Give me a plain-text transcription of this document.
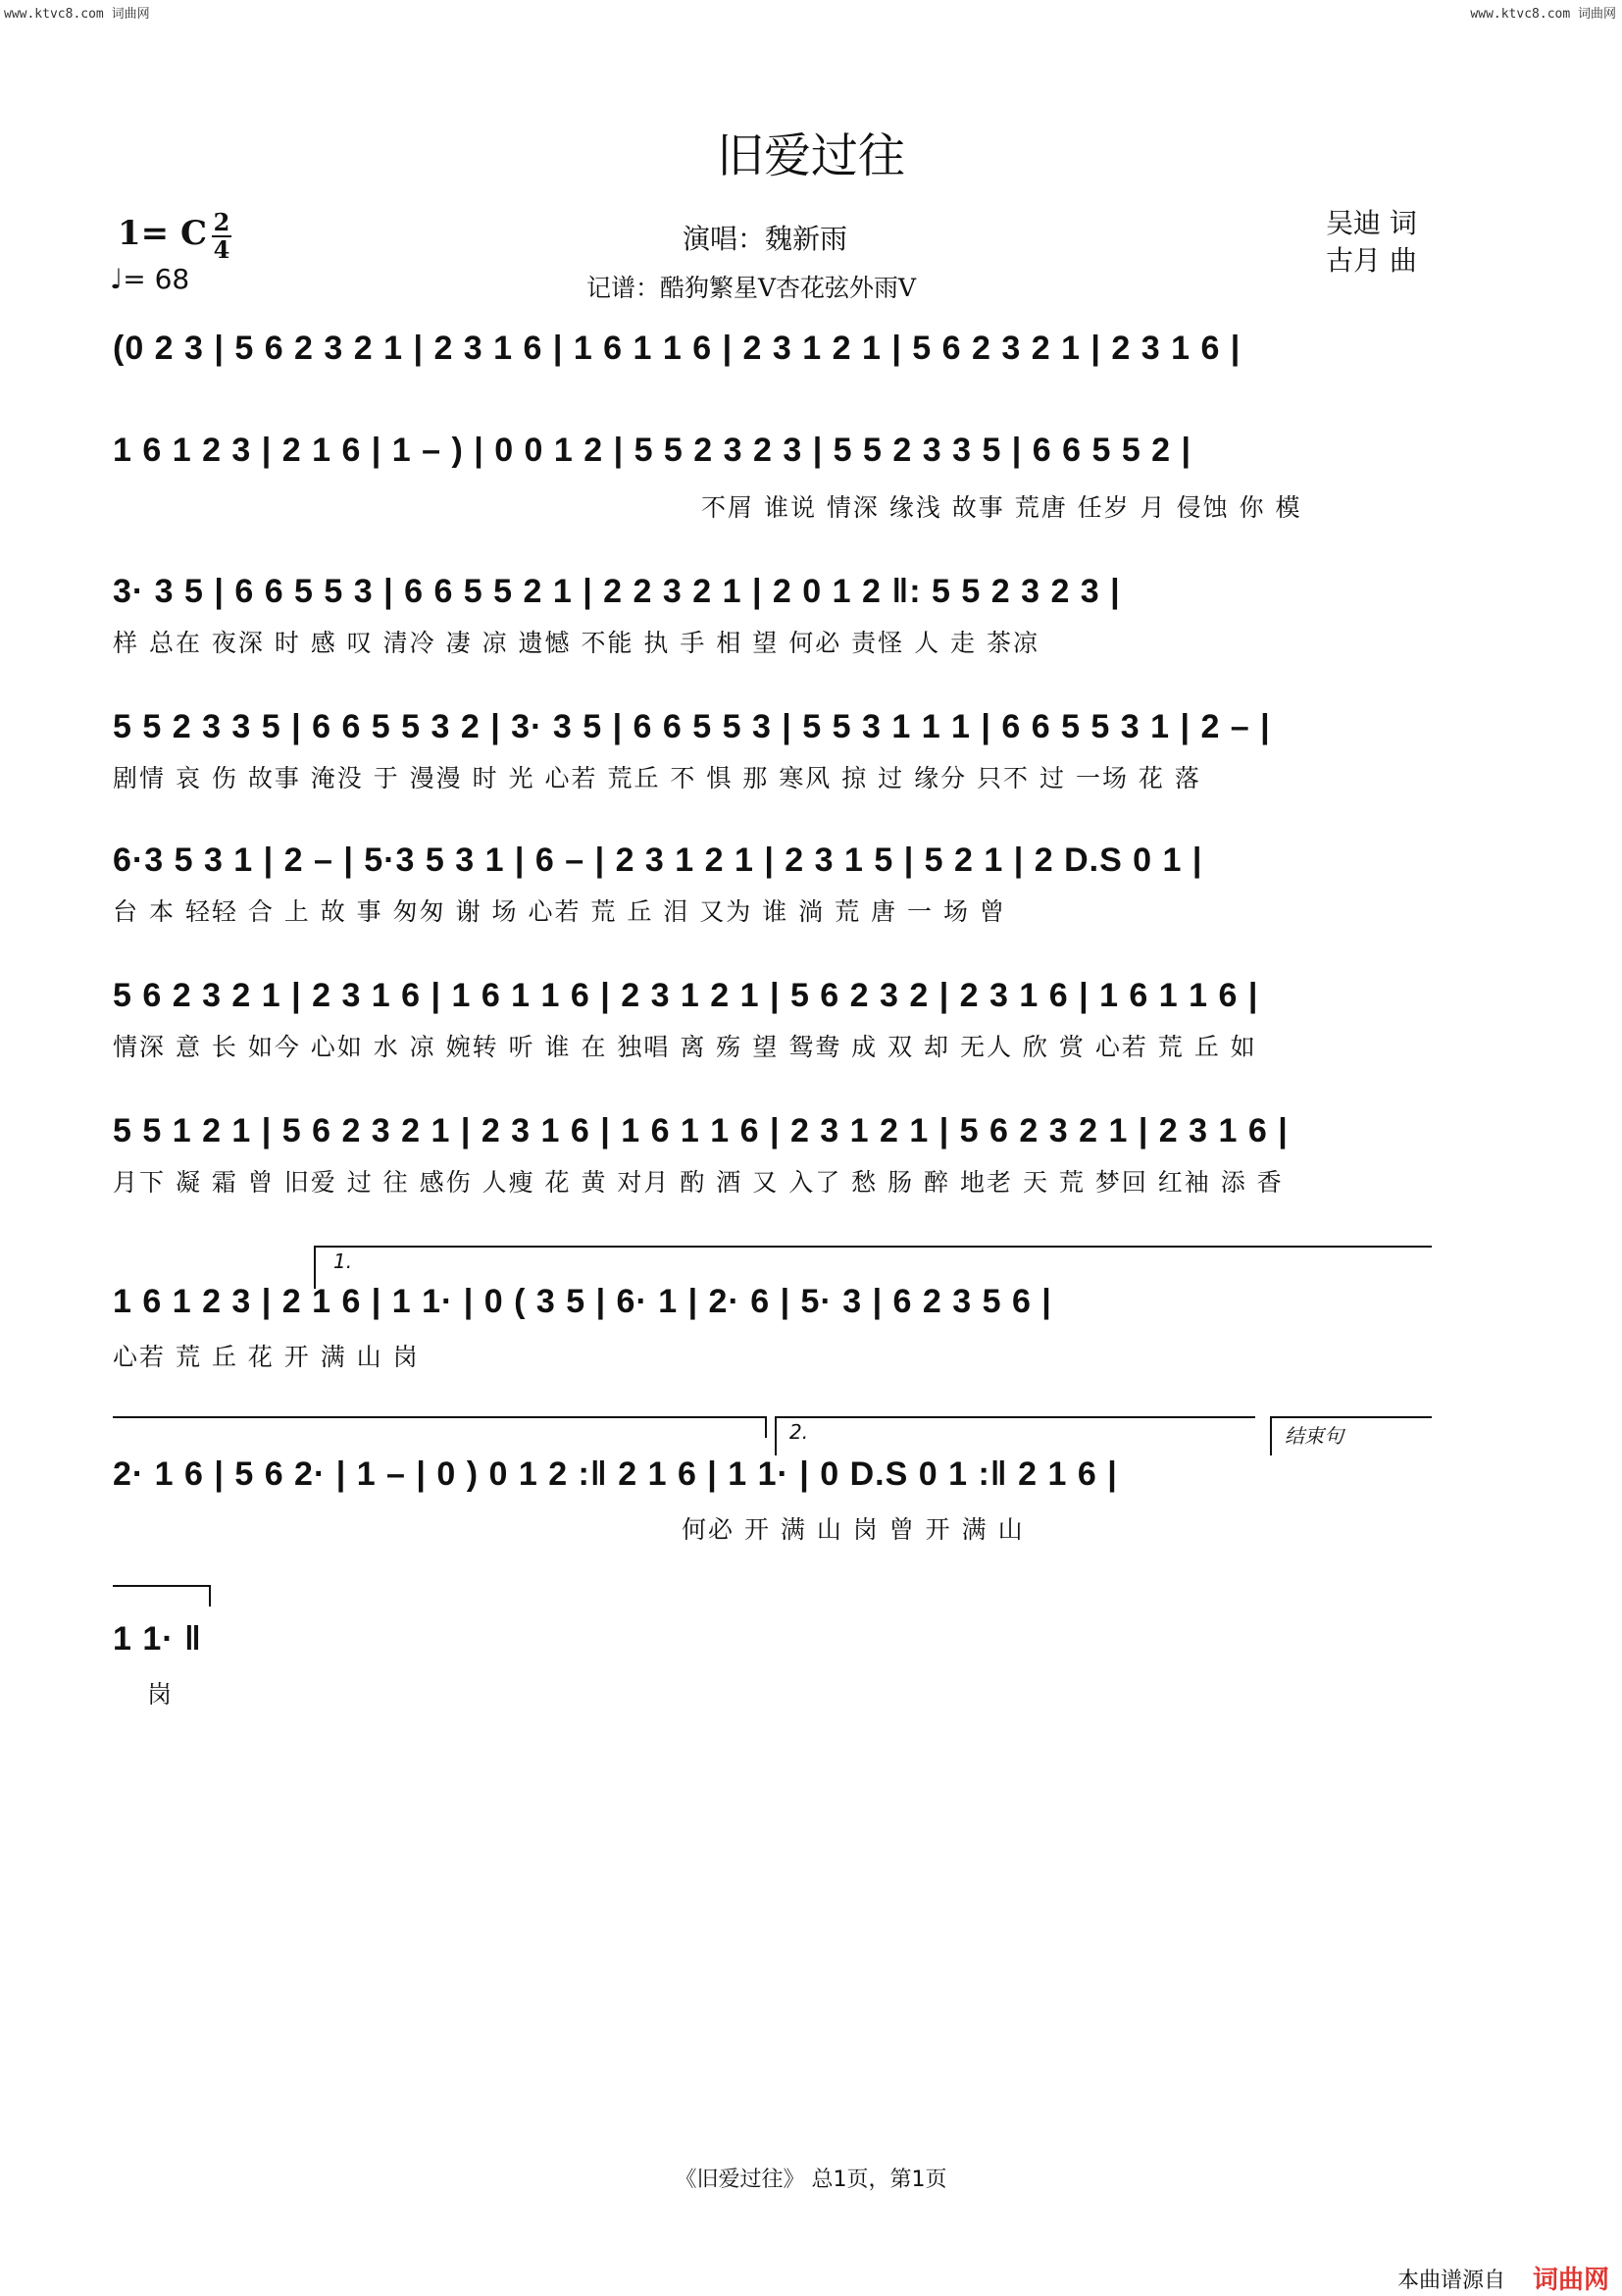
www.ktvc8.com 词曲网	www.ktvc8.com 词曲网
旧爱过往
1= C 2
4
♩= 68
演唱：魏新雨
记谱：酷狗繁星V杏花弦外雨V
吴迪 词
古月 曲
(0 2 3 | 5 6 2 3 2 1 | 2 3 1 6 | 1 6 1 1 6 | 2 3 1 2 1 | 5 6 2 3 2 1 | 2 3 1 6 |
1 6 1 2 3 | 2 1 6 | 1 – ) | 0 0 1 2 | 5 5 2 3 2 3 | 5 5 2 3 3 5 | 6 6 5 5 2 |
不屑 谁说 情深 缘浅 故事 荒唐 任岁 月 侵蚀 你 模
3· 3 5 | 6 6 5 5 3 | 6 6 5 5 2 1 | 2 2 3 2 1 | 2 0 1 2 ‖: 5 5 2 3 2 3 |
样 总在 夜深 时 感 叹 清冷 凄 凉 遗憾 不能 执 手 相 望 何必 责怪 人 走 茶凉
5 5 2 3 3 5 | 6 6 5 5 3 2 | 3· 3 5 | 6 6 5 5 3 | 5 5 3 1 1 1 | 6 6 5 5 3 1 | 2 – |
剧情 哀 伤 故事 淹没 于 漫漫 时 光 心若 荒丘 不 惧 那 寒风 掠 过 缘分 只不 过 一场 花 落
6·3 5 3 1 | 2 – | 5·3 5 3 1 | 6 – | 2 3 1 2 1 | 2 3 1 5 | 5 2 1 | 2 D.S 0 1 |
台 本 轻轻 合 上 故 事 匆匆 谢 场 心若 荒 丘 泪 又为 谁 淌 荒 唐 一 场 曾
5 6 2 3 2 1 | 2 3 1 6 | 1 6 1 1 6 | 2 3 1 2 1 | 5 6 2 3 2 | 2 3 1 6 | 1 6 1 1 6 |
情深 意 长 如今 心如 水 凉 婉转 听 谁 在 独唱 离 殇 望 鸳鸯 成 双 却 无人 欣 赏 心若 荒 丘 如
5 5 1 2 1 | 5 6 2 3 2 1 | 2 3 1 6 | 1 6 1 1 6 | 2 3 1 2 1 | 5 6 2 3 2 1 | 2 3 1 6 |
月下 凝 霜 曾 旧爱 过 往 感伤 人瘦 花 黄 对月 酌 酒 又 入了 愁 肠 醉 地老 天 荒 梦回 红袖 添 香
1.
1 6 1 2 3 | 2 1 6 | 1 1· | 0 ( 3 5 | 6· 1 | 2· 6 | 5· 3 | 6 2 3 5 6 |
心若 荒 丘 花 开 满 山 岗
2.	结束句
2· 1 6 | 5 6 2· | 1 – | 0 ) 0 1 2 :‖ 2 1 6 | 1 1· | 0 D.S 0 1 :‖ 2 1 6 |
何必 开 满 山 岗 曾 开 满 山
1 1· ‖
岗
《旧爱过往》 总1页，第1页
本曲谱源自 词曲网
